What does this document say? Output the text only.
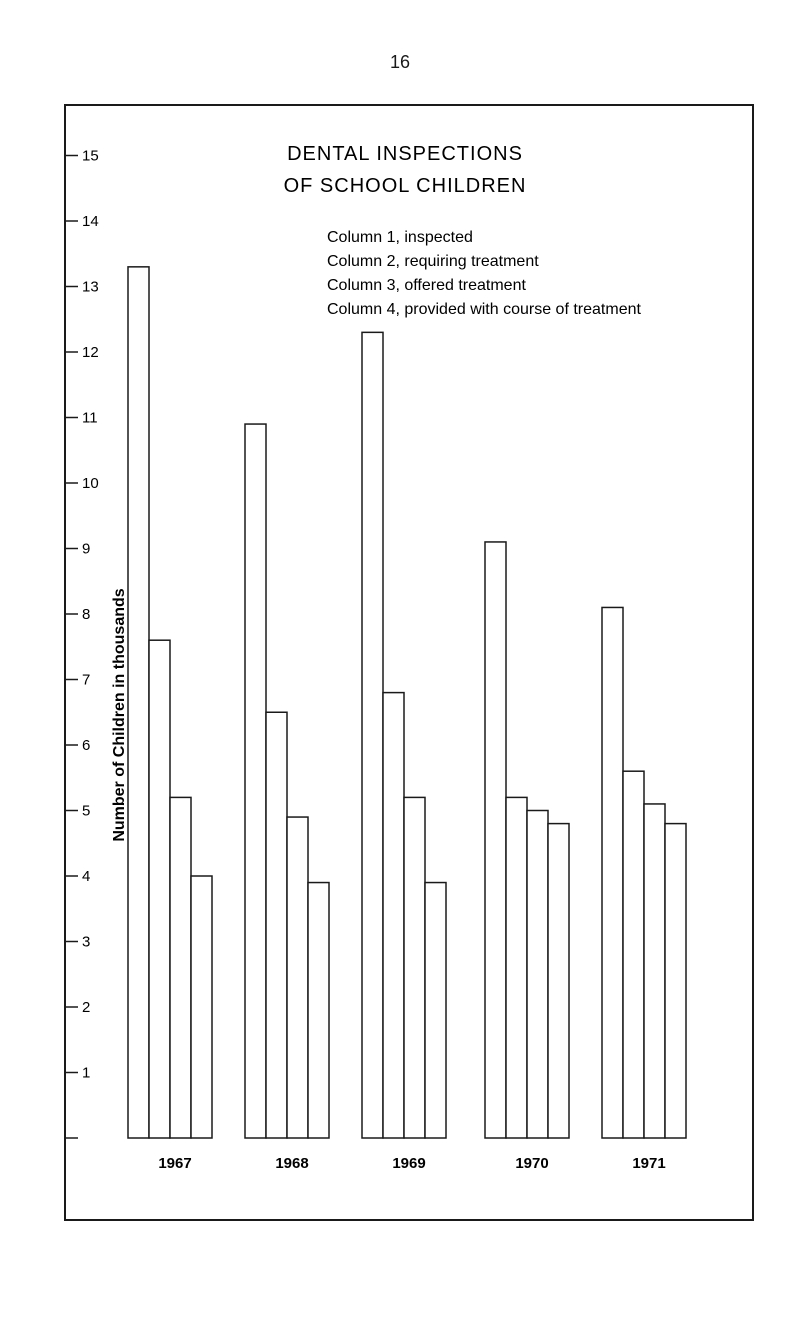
16
DENTAL INSPECTIONS
OF SCHOOL CHILDREN
Column 1, inspected
Column 2, requiring treatment
Column 3, offered treatment
Column 4, provided with course of treatment
Number of Children in thousands
1
2
3
4
5
6
7
8
9
10
11
12
13
14
15
1967	1968	1969	1970	1971
